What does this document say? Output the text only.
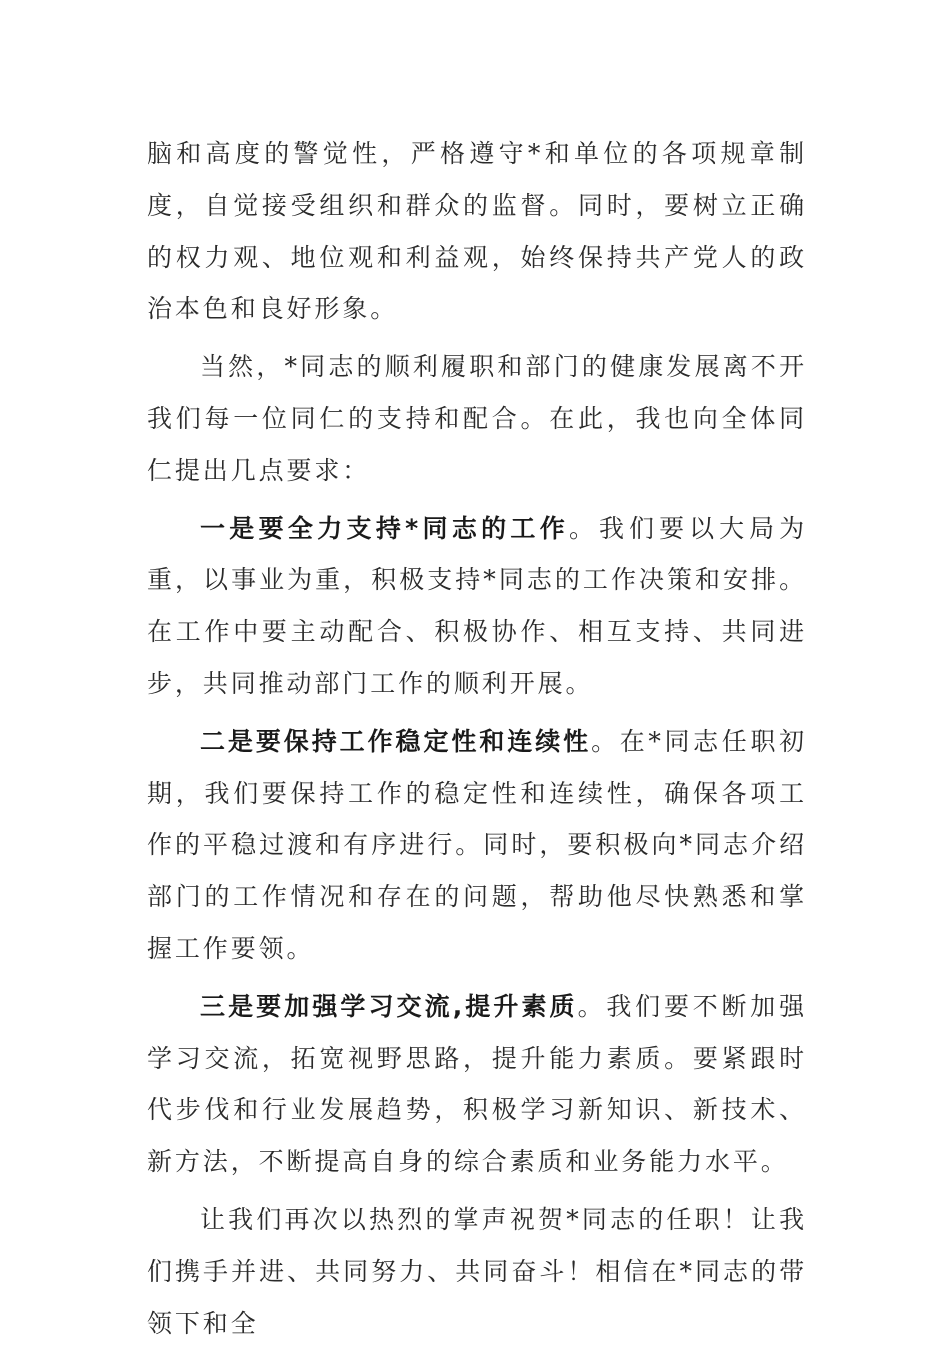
脑和高度的警觉性，严格遵守*和单位的各项规章制度，自觉接受组织和群众的监督。同时，要树立正确的权力观、地位观和利益观，始终保持共产党人的政治本色和良好形象。

当然，*同志的顺利履职和部门的健康发展离不开我们每一位同仁的支持和配合。在此，我也向全体同仁提出几点要求：

一是要全力支持*同志的工作。我们要以大局为重，以事业为重，积极支持*同志的工作决策和安排。在工作中要主动配合、积极协作、相互支持、共同进步，共同推动部门工作的顺利开展。

二是要保持工作稳定性和连续性。在*同志任职初期，我们要保持工作的稳定性和连续性，确保各项工作的平稳过渡和有序进行。同时，要积极向*同志介绍部门的工作情况和存在的问题，帮助他尽快熟悉和掌握工作要领。

三是要加强学习交流,提升素质。我们要不断加强学习交流，拓宽视野思路，提升能力素质。要紧跟时代步伐和行业发展趋势，积极学习新知识、新技术、新方法，不断提高自身的综合素质和业务能力水平。

让我们再次以热烈的掌声祝贺*同志的任职！让我们携手并进、共同努力、共同奋斗！相信在*同志的带领下和全
